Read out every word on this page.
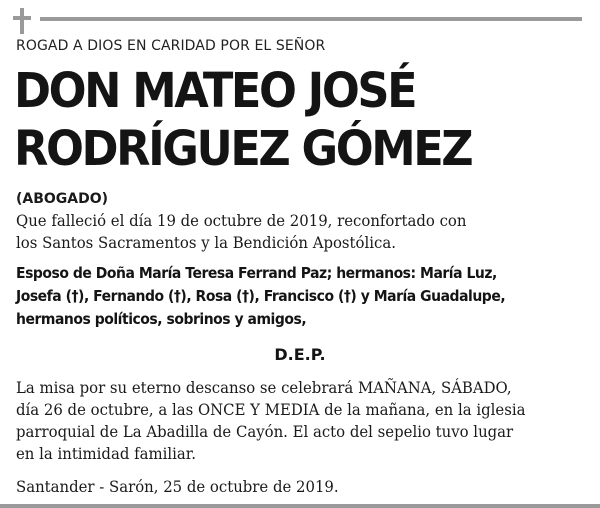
ROGAD A DIOS EN CARIDAD POR EL SEÑOR
DON MATEO JOSÉ
RODRÍGUEZ GÓMEZ
(ABOGADO)
Que falleció el día 19 de octubre de 2019, reconfortado con
los Santos Sacramentos y la Bendición Apostólica.
Esposo de Doña María Teresa Ferrand Paz; hermanos: María Luz,
Josefa (†), Fernando (†), Rosa (†), Francisco (†) y María Guadalupe,
hermanos políticos, sobrinos y amigos,
D.E.P.
La misa por su eterno descanso se celebrará MAÑANA, SÁBADO,
día 26 de octubre, a las ONCE Y MEDIA de la mañana, en la iglesia
parroquial de La Abadilla de Cayón. El acto del sepelio tuvo lugar
en la intimidad familiar.
Santander - Sarón, 25 de octubre de 2019.
